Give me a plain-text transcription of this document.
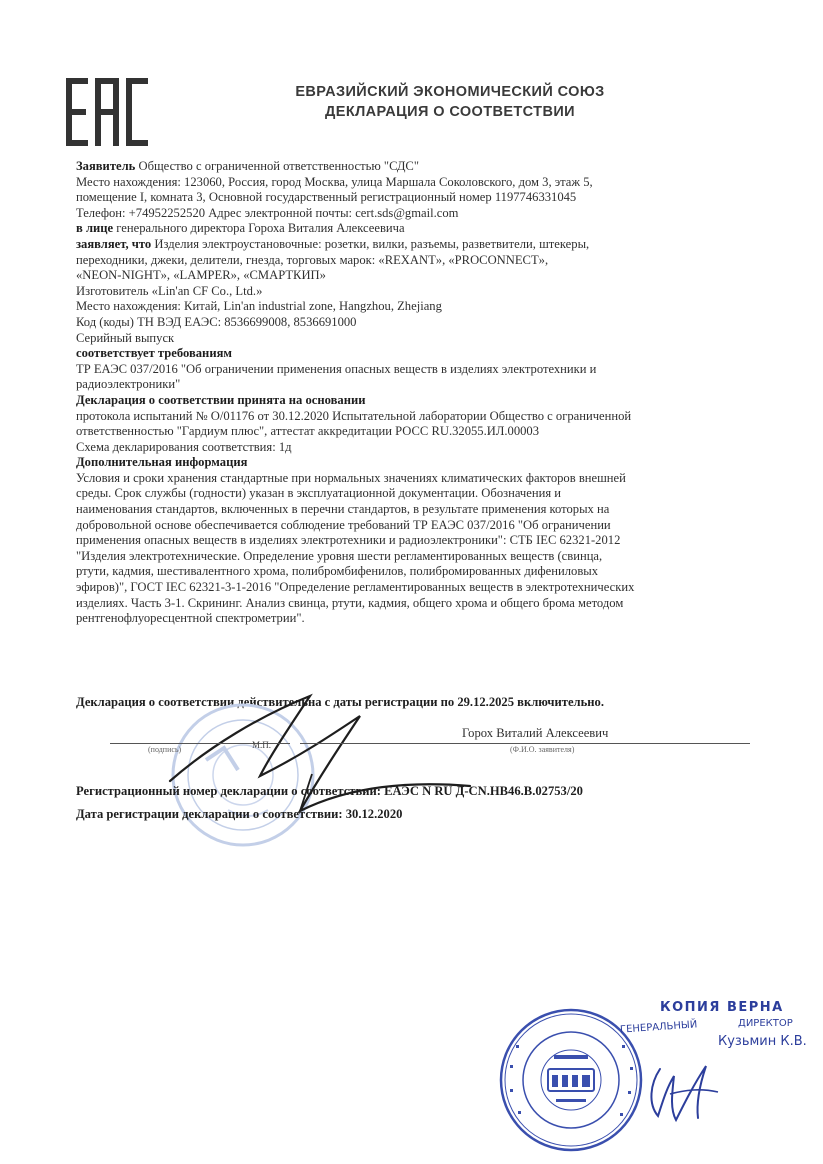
ЕВРАЗИЙСКИЙ ЭКОНОМИЧЕСКИЙ СОЮЗ
ДЕКЛАРАЦИЯ О СООТВЕТСТВИИ
Заявитель Общество с ограниченной ответственностью "СДС"
Место нахождения: 123060, Россия, город Москва, улица Маршала Соколовского, дом 3, этаж 5,
помещение I, комната 3, Основной государственный регистрационный номер 1197746331045
Телефон: +74952252520 Адрес электронной почты: cert.sds@gmail.com
в лице генерального директора Гороха Виталия Алексеевича
заявляет, что Изделия электроустановочные: розетки, вилки, разъемы, разветвители, штекеры,
переходники, джеки, делители, гнезда, торговых марок: «REXANT», «PROCONNECT»,
«NEON-NIGHT», «LAMPER», «СМАРТКИП»
Изготовитель «Lin'an CF Co., Ltd.»
Место нахождения: Китай, Lin'an industrial zone, Hangzhou, Zhejiang
Код (коды) ТН ВЭД ЕАЭС: 8536699008, 8536691000
Серийный выпуск
соответствует требованиям
ТР ЕАЭС 037/2016 "Об ограничении применения опасных веществ в изделиях электротехники и
радиоэлектроники"
Декларация о соответствии принята на основании
протокола испытаний № O/01176 от 30.12.2020 Испытательной лаборатории Общество с ограниченной
ответственностью "Гардиум плюс", аттестат аккредитации РОСС RU.32055.ИЛ.00003
Схема декларирования соответствия: 1д
Дополнительная информация
Условия и сроки хранения стандартные при нормальных значениях климатических факторов внешней
среды. Срок службы (годности) указан в эксплуатационной документации. Обозначения и
наименования стандартов, включенных в перечни стандартов, в результате применения которых на
добровольной основе обеспечивается соблюдение требований ТР ЕАЭС 037/2016 "Об ограничении
применения опасных веществ в изделиях электротехники и радиоэлектроники": СТБ IEC 62321-2012
"Изделия электротехнические. Определение уровня шести регламентированных веществ (свинца,
ртути, кадмия, шестивалентного хрома, полибромбифенилов, полибромированных дифениловых
эфиров)", ГОСТ IEC 62321-3-1-2016 "Определение регламентированных веществ в электротехнических
изделиях. Часть 3-1. Скрининг. Анализ свинца, ртути, кадмия, общего хрома и общего брома методом
рентгенофлуоресцентной спектрометрии".
Декларация о соответствии действительна с даты регистрации по 29.12.2025 включительно.
(подпись)	М.П.
Горох Виталий Алексеевич
(Ф.И.О. заявителя)
Регистрационный номер декларации о соответствии: ЕАЭС N RU Д-CN.НВ46.В.02753/20
Дата регистрации декларации о соответствии: 30.12.2020
КОПИЯ ВЕРНА
ГЕНЕРАЛЬНЫЙ	ДИРЕКТОР
Кузьмин К.В.
